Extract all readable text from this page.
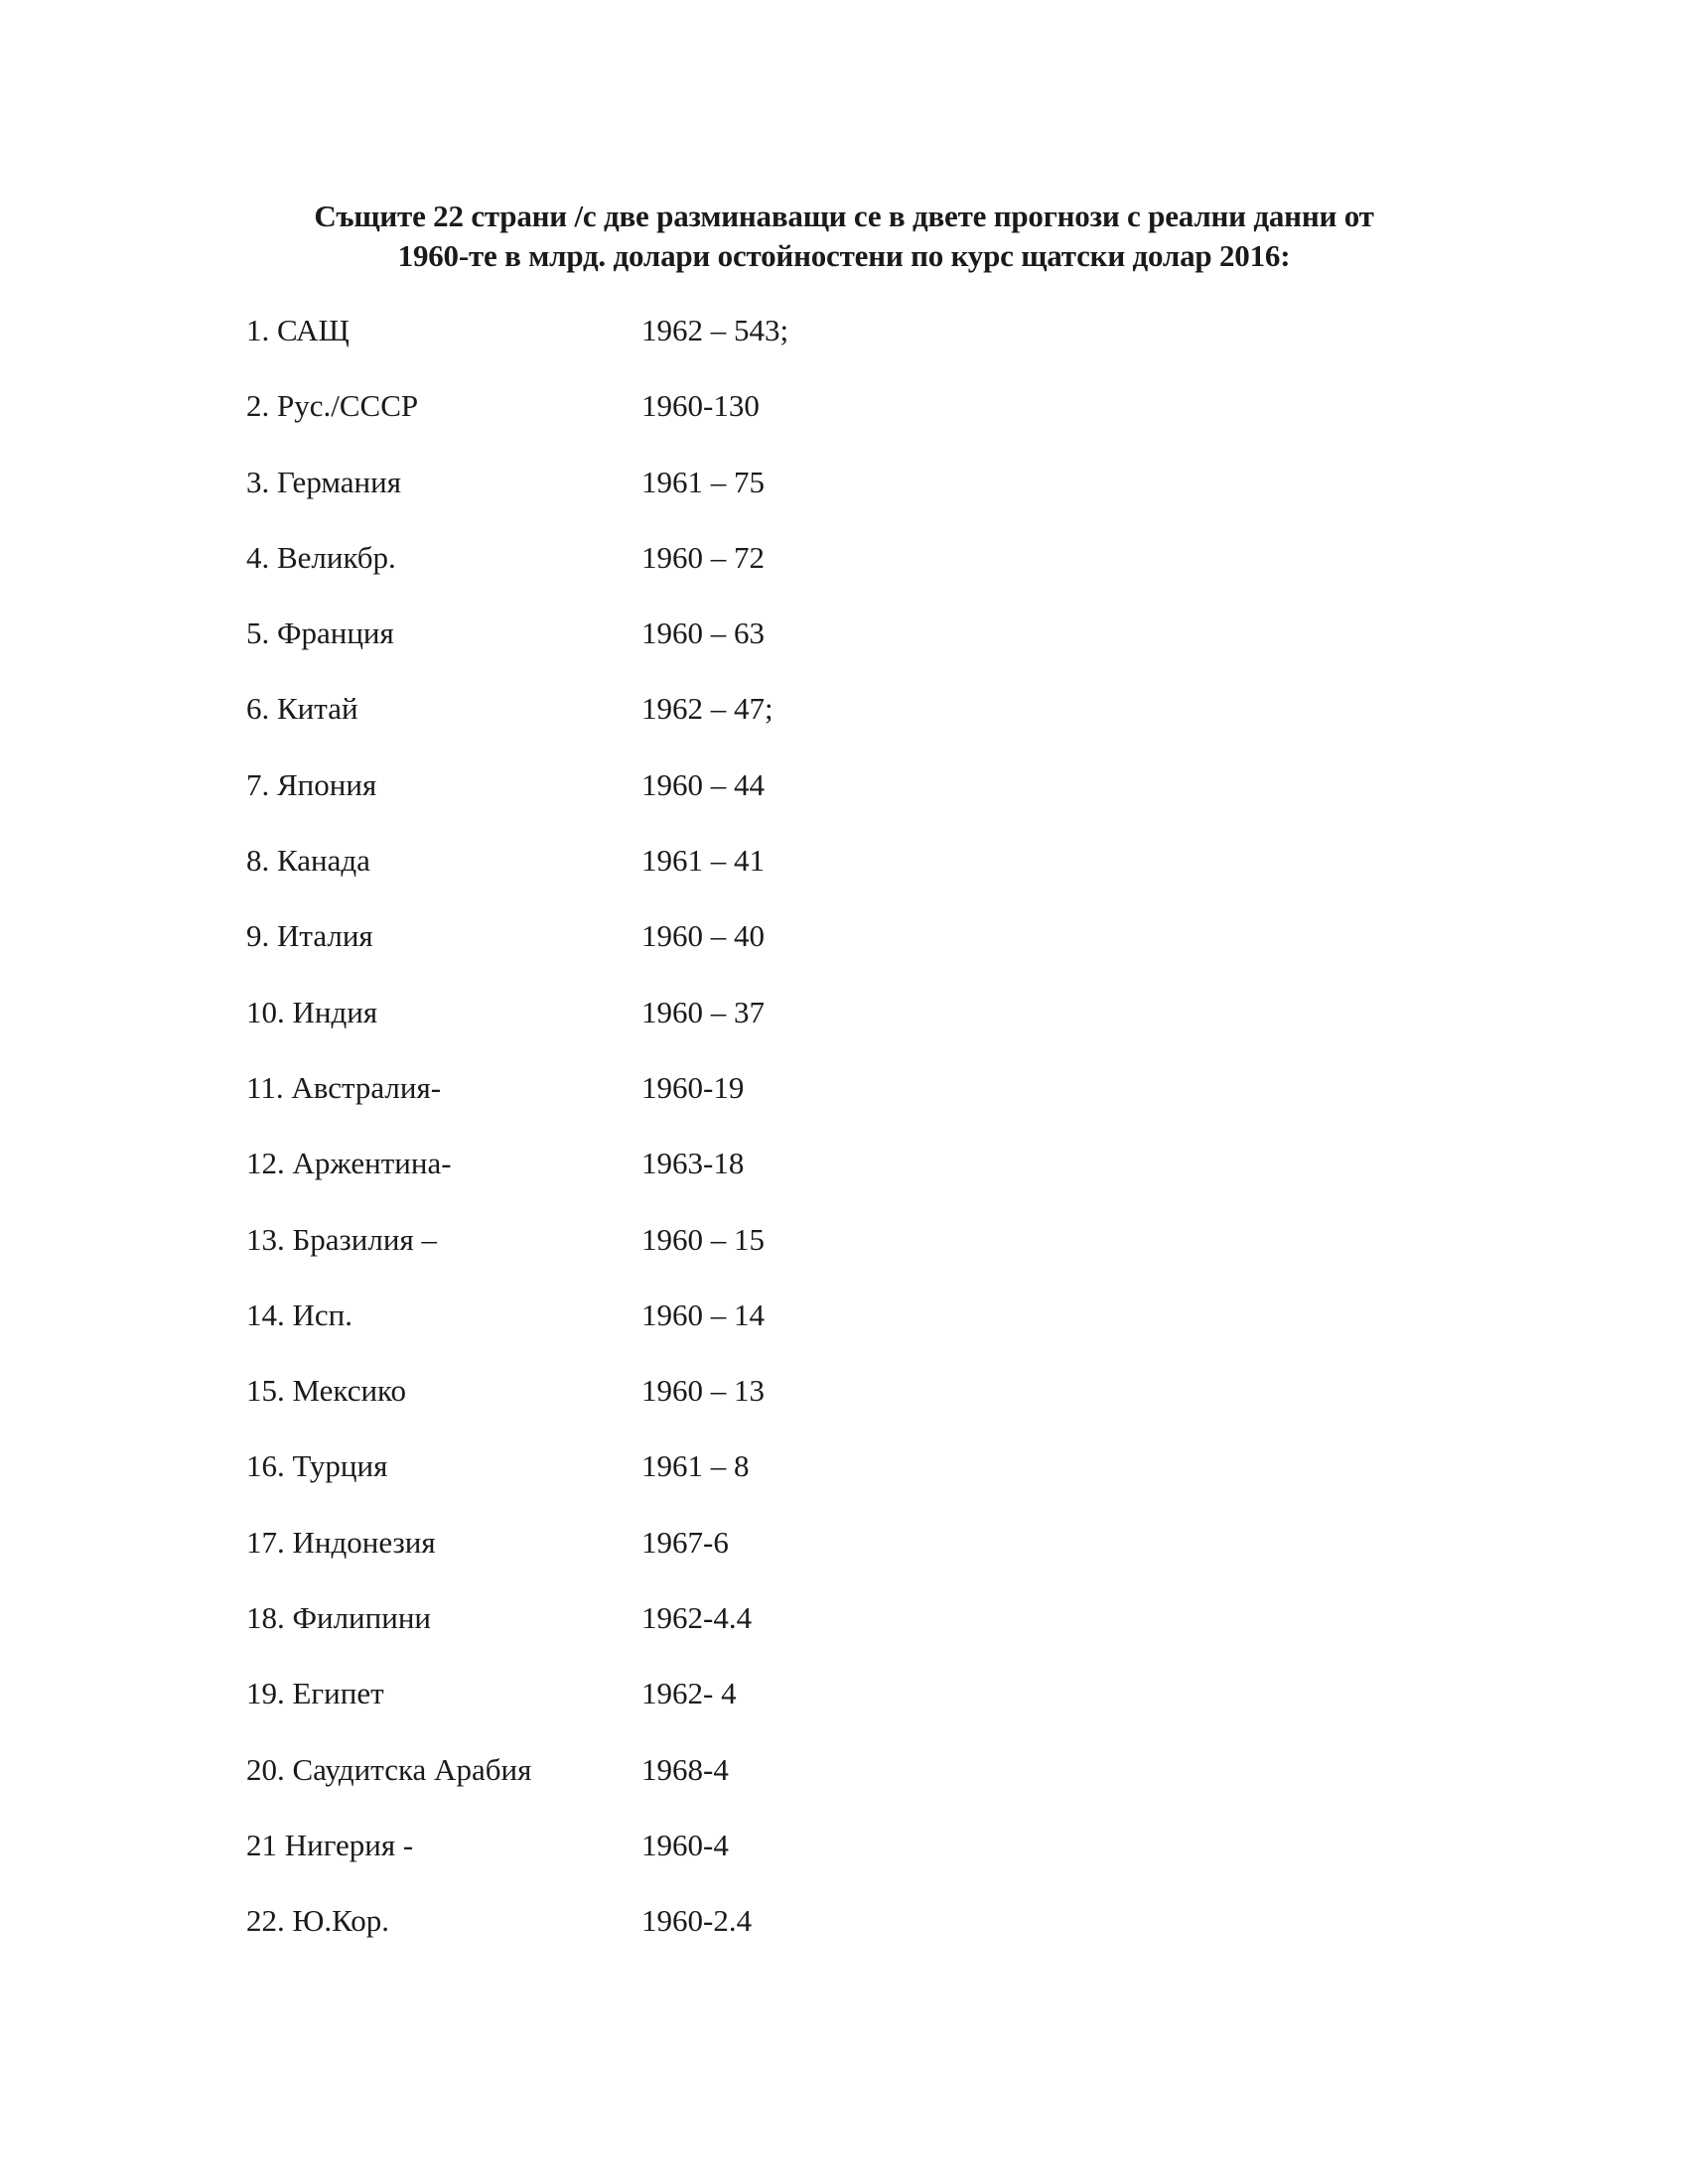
Същите 22 страни /с две разминаващи се в двете прогнози с реални данни от
1960-те в млрд. долари остойностени по курс щатски долар 2016:
1. САЩ	1962 – 543;
2. Рус./СССР	1960-130
3. Германия	1961 – 75
4. Великбр.	1960 – 72
5. Франция	1960 – 63
6. Китай	1962 – 47;
7. Япония	1960 – 44
8. Канада	1961 – 41
9. Италия	1960 – 40
10. Индия	1960 – 37
11. Австралия-	1960-19
12. Аржентина-	1963-18
13. Бразилия –	1960 – 15
14. Исп.	1960 – 14
15. Мексико	1960 – 13
16. Турция	1961 – 8
17. Индонезия	1967-6
18. Филипини	1962-4.4
19. Египет	1962- 4
20. Саудитска Арабия	1968-4
21 Нигерия -	1960-4
22. Ю.Кор.	1960-2.4
